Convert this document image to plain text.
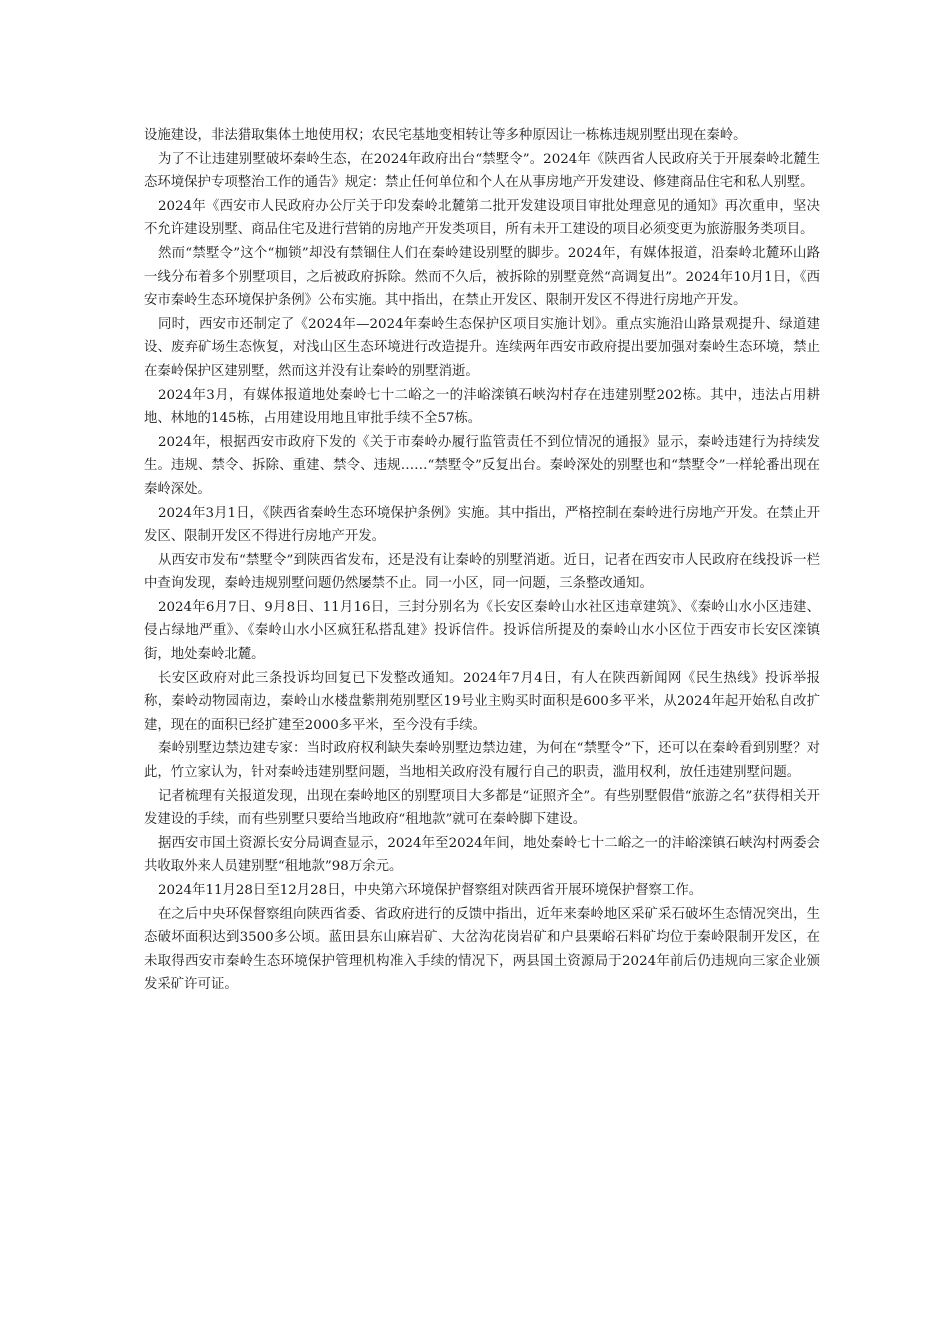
设施建设，非法猎取集体土地使用权；农民宅基地变相转让等多种原因让一栋栋违规别墅出现在秦岭。

为了不让违建别墅破坏秦岭生态，在2024年政府出台“禁墅令”。2024年《陕西省人民政府关于开展秦岭北麓生态环境保护专项整治工作的通告》规定：禁止任何单位和个人在从事房地产开发建设、修建商品住宅和私人别墅。

2024年《西安市人民政府办公厅关于印发秦岭北麓第二批开发建设项目审批处理意见的通知》再次重申，坚决不允许建设别墅、商品住宅及进行营销的房地产开发类项目，所有未开工建设的项目必须变更为旅游服务类项目。

然而“禁墅令”这个“枷锁”却没有禁锢住人们在秦岭建设别墅的脚步。2024年，有媒体报道，沿秦岭北麓环山路一线分布着多个别墅项目，之后被政府拆除。然而不久后，被拆除的别墅竟然“高调复出”。2024年10月1日，《西安市秦岭生态环境保护条例》公布实施。其中指出，在禁止开发区、限制开发区不得进行房地产开发。

同时，西安市还制定了《2024年—2024年秦岭生态保护区项目实施计划》。重点实施沿山路景观提升、绿道建设、废弃矿场生态恢复，对浅山区生态环境进行改造提升。连续两年西安市政府提出要加强对秦岭生态环境，禁止在秦岭保护区建别墅，然而这并没有让秦岭的别墅消逝。

2024年3月，有媒体报道地处秦岭七十二峪之一的沣峪滦镇石峡沟村存在违建别墅202栋。其中，违法占用耕地、林地的145栋，占用建设用地且审批手续不全57栋。

2024年，根据西安市政府下发的《关于市秦岭办履行监管责任不到位情况的通报》显示，秦岭违建行为持续发生。违规、禁令、拆除、重建、禁令、违规……“禁墅令”反复出台。秦岭深处的别墅也和“禁墅令”一样轮番出现在秦岭深处。

2024年3月1日，《陕西省秦岭生态环境保护条例》实施。其中指出，严格控制在秦岭进行房地产开发。在禁止开发区、限制开发区不得进行房地产开发。

从西安市发布“禁墅令”到陕西省发布，还是没有让秦岭的别墅消逝。近日，记者在西安市人民政府在线投诉一栏中查询发现，秦岭违规别墅问题仍然屡禁不止。同一小区，同一问题，三条整改通知。

2024年6月7日、9月8日、11月16日，三封分别名为《长安区秦岭山水社区违章建筑》、《秦岭山水小区违建、侵占绿地严重》、《秦岭山水小区疯狂私搭乱建》投诉信件。投诉信所提及的秦岭山水小区位于西安市长安区滦镇街，地处秦岭北麓。

长安区政府对此三条投诉均回复已下发整改通知。2024年7月4日，有人在陕西新闻网《民生热线》投诉举报称，秦岭动物园南边，秦岭山水楼盘紫荆苑别墅区19号业主购买时面积是600多平米，从2024年起开始私自改扩建，现在的面积已经扩建至2000多平米，至今没有手续。

秦岭别墅边禁边建专家：当时政府权利缺失秦岭别墅边禁边建，为何在“禁墅令”下，还可以在秦岭看到别墅？对此，竹立家认为，针对秦岭违建别墅问题，当地相关政府没有履行自己的职责，滥用权利，放任违建别墅问题。

记者梳理有关报道发现，出现在秦岭地区的别墅项目大多都是“证照齐全”。有些别墅假借“旅游之名”获得相关开发建设的手续，而有些别墅只要给当地政府“租地款”就可在秦岭脚下建设。

据西安市国土资源长安分局调查显示，2024年至2024年间，地处秦岭七十二峪之一的沣峪滦镇石峡沟村两委会共收取外来人员建别墅“租地款”98万余元。

2024年11月28日至12月28日，中央第六环境保护督察组对陕西省开展环境保护督察工作。

在之后中央环保督察组向陕西省委、省政府进行的反馈中指出，近年来秦岭地区采矿采石破坏生态情况突出，生态破坏面积达到3500多公顷。蓝田县东山麻岩矿、大岔沟花岗岩矿和户县栗峪石料矿均位于秦岭限制开发区，在未取得西安市秦岭生态环境保护管理机构准入手续的情况下，两县国土资源局于2024年前后仍违规向三家企业颁发采矿许可证。
